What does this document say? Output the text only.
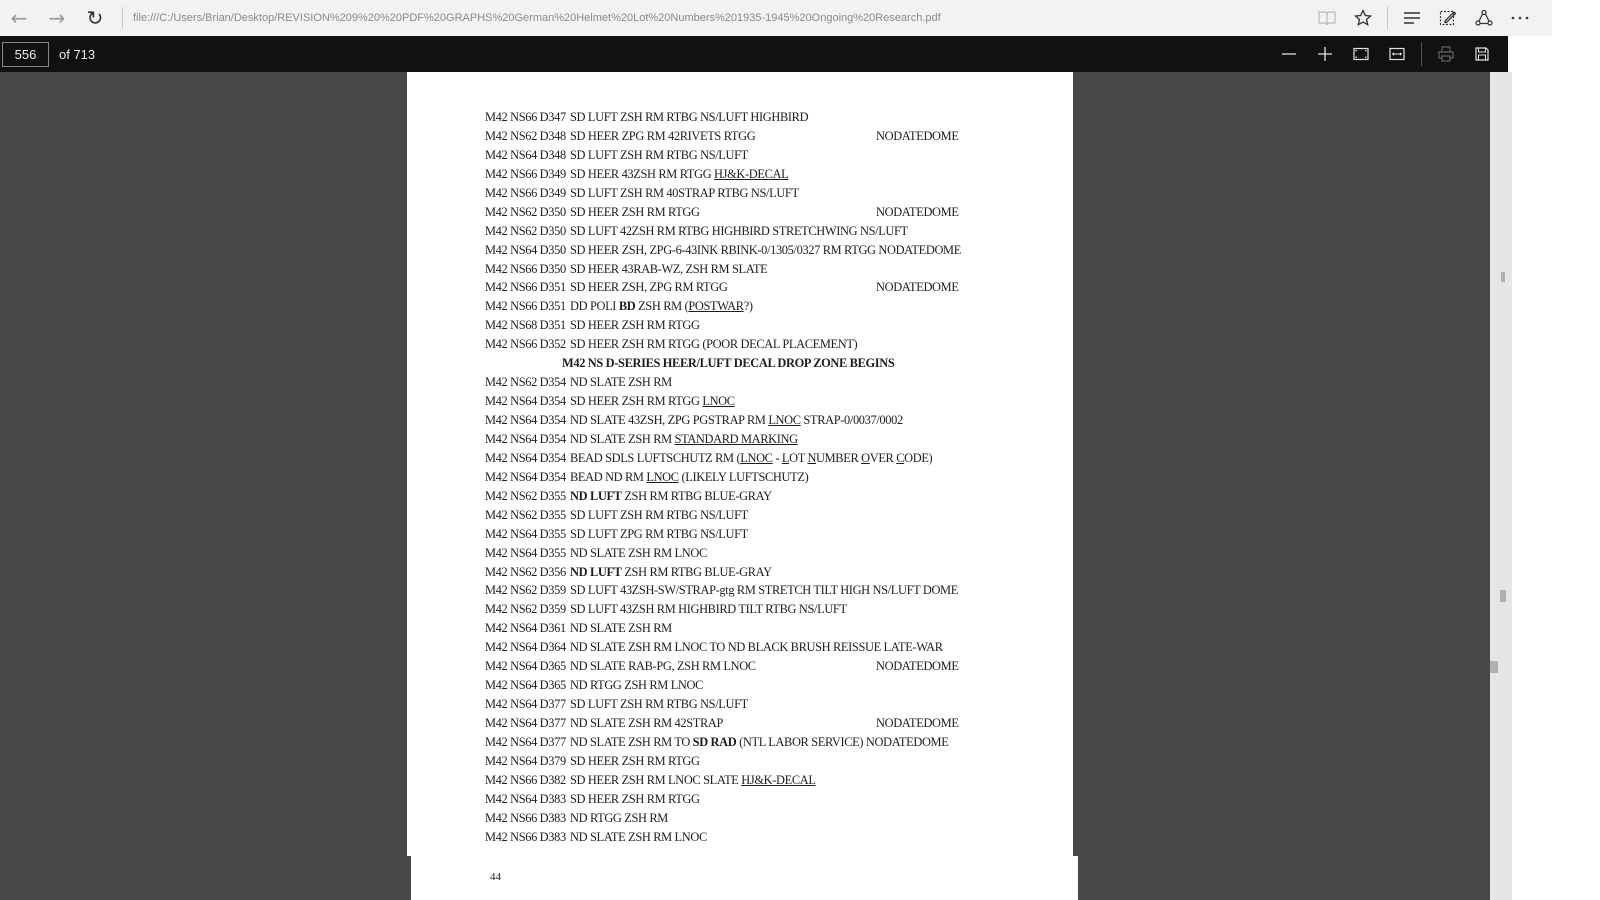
← → ↻	file:///C:/Users/Brian/Desktop/REVISION%209%20%20PDF%20GRAPHS%20German%20Helmet%20Lot%20Numbers%201935-1945%20Ongoing%20Research.pdf
556
of 713
44
M42 NS66 D347 SD LUFT ZSH RM RTBG NS/LUFT HIGHBIRD
M42 NS62 D348 SD HEER ZPG RM 42RIVETS RTGG	NODATEDOME
M42 NS64 D348 SD LUFT ZSH RM RTBG NS/LUFT
M42 NS66 D349 SD HEER 43ZSH RM RTGG HJ&K-DECAL
M42 NS66 D349 SD LUFT ZSH RM 40STRAP RTBG NS/LUFT
M42 NS62 D350 SD HEER ZSH RM RTGG	NODATEDOME
M42 NS62 D350 SD LUFT 42ZSH RM RTBG HIGHBIRD STRETCHWING NS/LUFT
M42 NS64 D350 SD HEER ZSH, ZPG-6-43INK RBINK-0/1305/0327 RM RTGG NODATEDOME
M42 NS66 D350 SD HEER 43RAB-WZ, ZSH RM SLATE
M42 NS66 D351 SD HEER ZSH, ZPG RM RTGG	NODATEDOME
M42 NS66 D351 DD POLI BD ZSH RM (POSTWAR?)
M42 NS68 D351 SD HEER ZSH RM RTGG
M42 NS66 D352 SD HEER ZSH RM RTGG (POOR DECAL PLACEMENT)
M42 NS D-SERIES HEER/LUFT DECAL DROP ZONE BEGINS
M42 NS62 D354 ND SLATE ZSH RM
M42 NS64 D354 SD HEER ZSH RM RTGG LNOC
M42 NS64 D354 ND SLATE 43ZSH, ZPG PGSTRAP RM LNOC STRAP-0/0037/0002
M42 NS64 D354 ND SLATE ZSH RM STANDARD MARKING
M42 NS64 D354 BEAD SDLS LUFTSCHUTZ RM (LNOC - LOT NUMBER OVER CODE)
M42 NS64 D354 BEAD ND RM LNOC (LIKELY LUFTSCHUTZ)
M42 NS62 D355 ND LUFT ZSH RM RTBG BLUE-GRAY
M42 NS62 D355 SD LUFT ZSH RM RTBG NS/LUFT
M42 NS64 D355 SD LUFT ZPG RM RTBG NS/LUFT
M42 NS64 D355 ND SLATE ZSH RM LNOC
M42 NS62 D356 ND LUFT ZSH RM RTBG BLUE-GRAY
M42 NS62 D359 SD LUFT 43ZSH-SW/STRAP-gtg RM STRETCH TILT HIGH NS/LUFT DOME
M42 NS62 D359 SD LUFT 43ZSH RM HIGHBIRD TILT RTBG NS/LUFT
M42 NS64 D361 ND SLATE ZSH RM
M42 NS64 D364 ND SLATE ZSH RM LNOC TO ND BLACK BRUSH REISSUE LATE-WAR
M42 NS64 D365 ND SLATE RAB-PG, ZSH RM LNOC	NODATEDOME
M42 NS64 D365 ND RTGG ZSH RM LNOC
M42 NS64 D377 SD LUFT ZSH RM RTBG NS/LUFT
M42 NS64 D377 ND SLATE ZSH RM 42STRAP	NODATEDOME
M42 NS64 D377 ND SLATE ZSH RM TO SD RAD (NTL LABOR SERVICE) NODATEDOME
M42 NS64 D379 SD HEER ZSH RM RTGG
M42 NS66 D382 SD HEER ZSH RM LNOC SLATE HJ&K-DECAL
M42 NS64 D383 SD HEER ZSH RM RTGG
M42 NS66 D383 ND RTGG ZSH RM
M42 NS66 D383 ND SLATE ZSH RM LNOC
